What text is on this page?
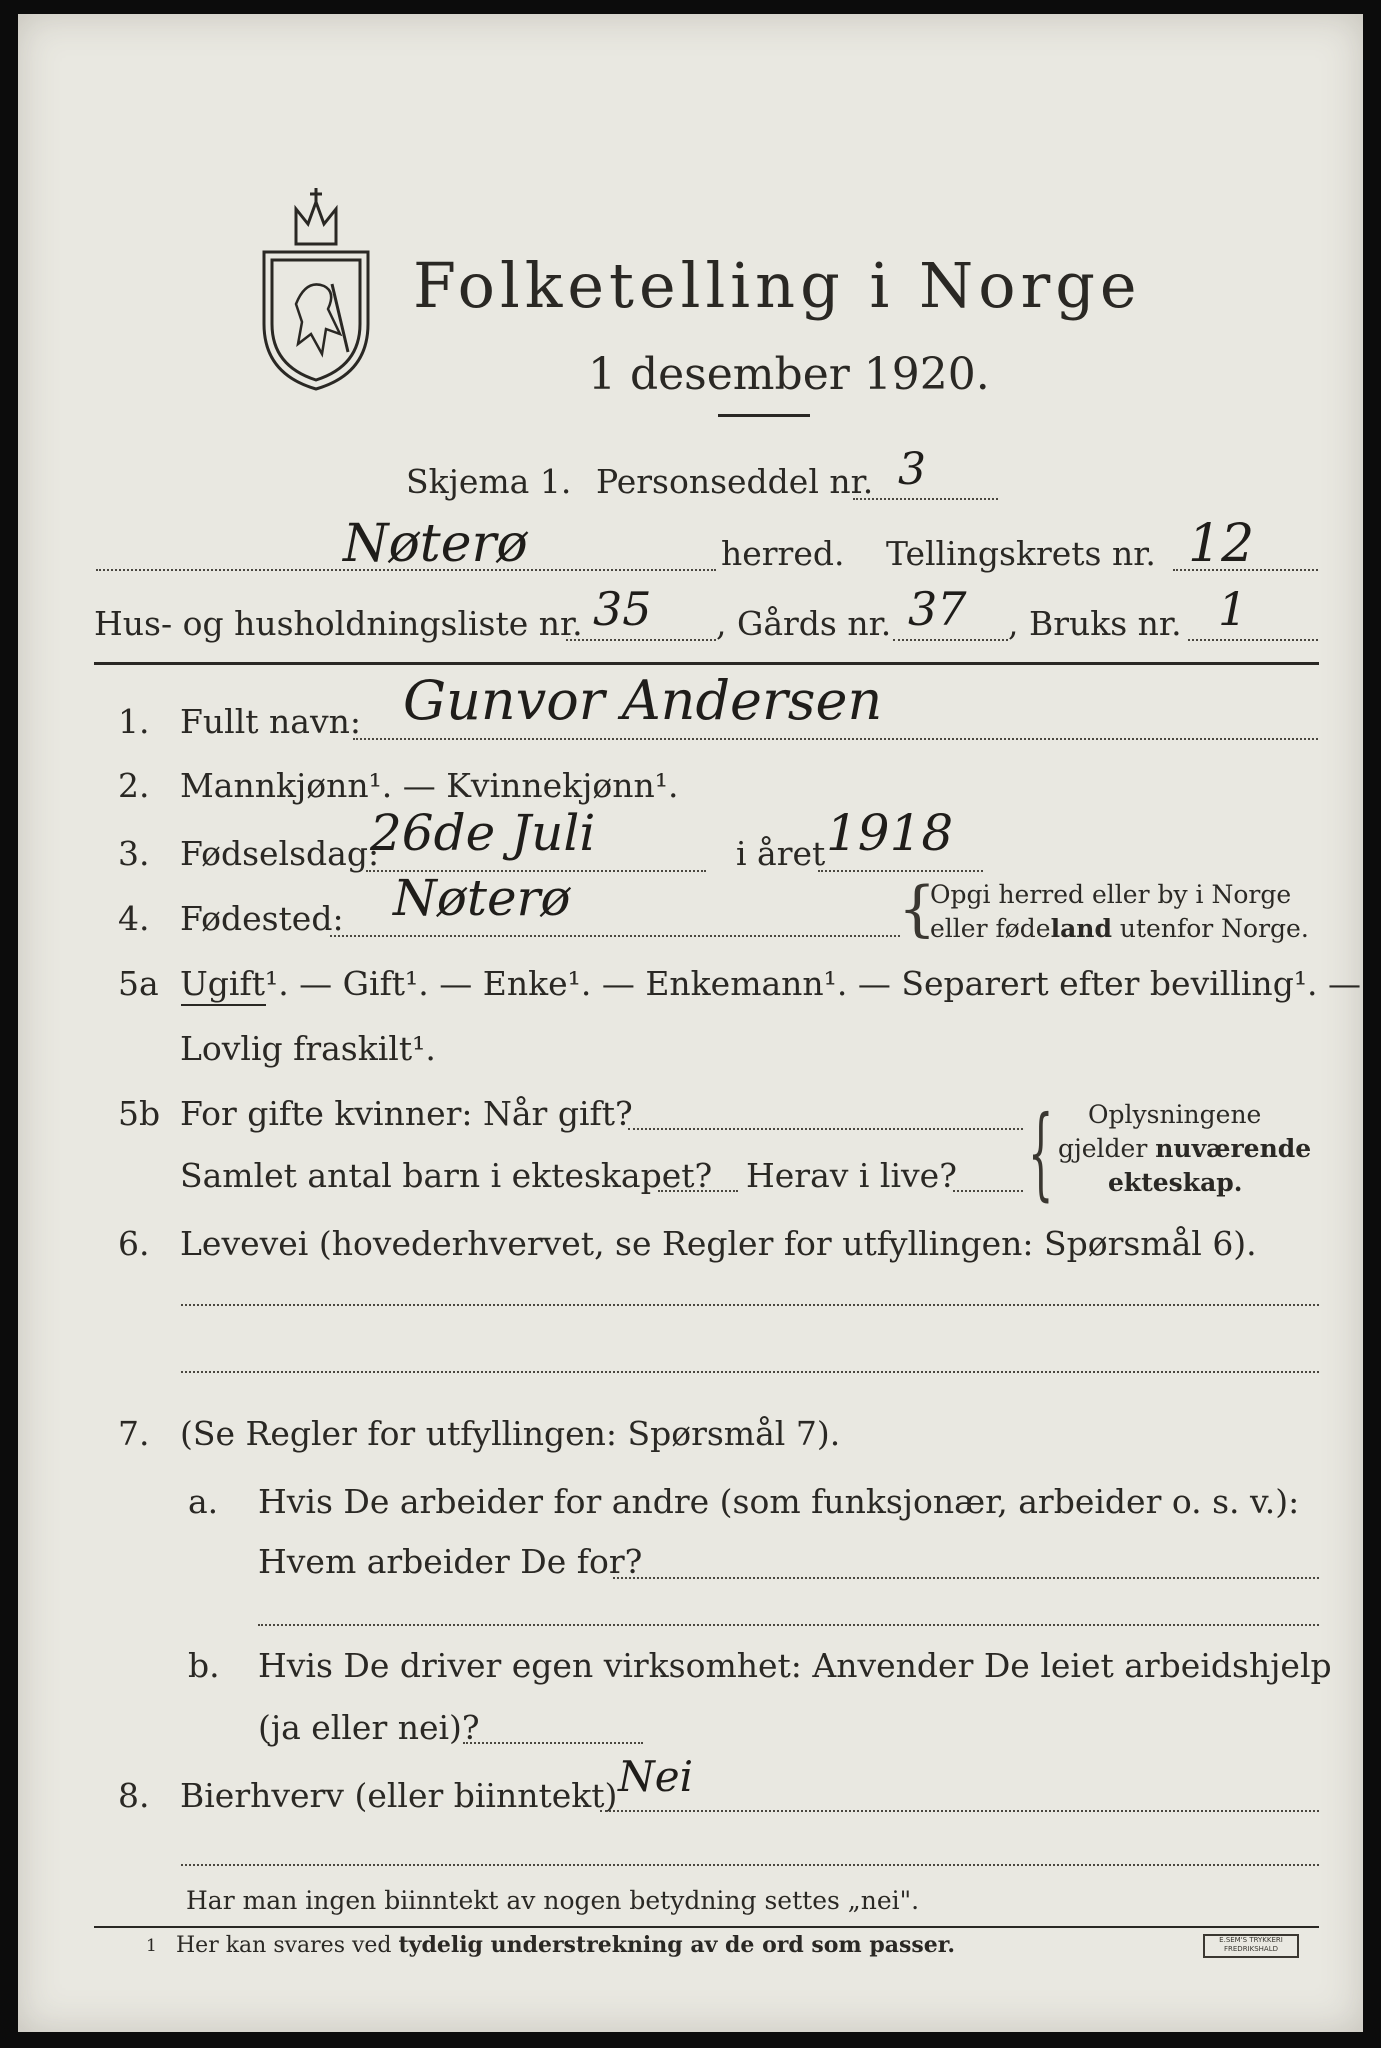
Folketelling i Norge
1 desember 1920.
Skjema 1. Personseddel nr. 3
Nøterø	herred. Tellingskrets nr. 12
Hus- og husholdningsliste nr. 35 , Gårds nr. 37 , Bruks nr. 1
1. Fullt navn: Gunvor Andersen
2. Mannkjønn¹. — Kvinnekjønn¹.
3. Fødselsdag:
26de Juli	i året 1918
4. Fødested: Nøterø	{
Opgi herred eller by i Norge
eller fødeland utenfor Norge.
5a Ugift¹. — Gift¹. — Enke¹. — Enkemann¹. — Separert efter bevilling¹. —
Lovlig fraskilt¹.
5b For gifte kvinner: Når gift?
Samlet antal barn i ekteskapet? Herav i live? { Oplysningene
gjelder nuværende
ekteskap.
6. Levevei (hovederhvervet, se Regler for utfyllingen: Spørsmål 6).
7. (Se Regler for utfyllingen: Spørsmål 7).
a. Hvis De arbeider for andre (som funksjonær, arbeider o. s. v.):
Hvem arbeider De for?
b. Hvis De driver egen virksomhet: Anvender De leiet arbeidshjelp
(ja eller nei)?
8. Bierhverv (eller biinntekt) Nei
Har man ingen biinntekt av nogen betydning settes „nei".
1 Her kan svares ved tydelig understrekning av de ord som passer.	E.SEM'S TRYKKERI FREDRIKSHALD
